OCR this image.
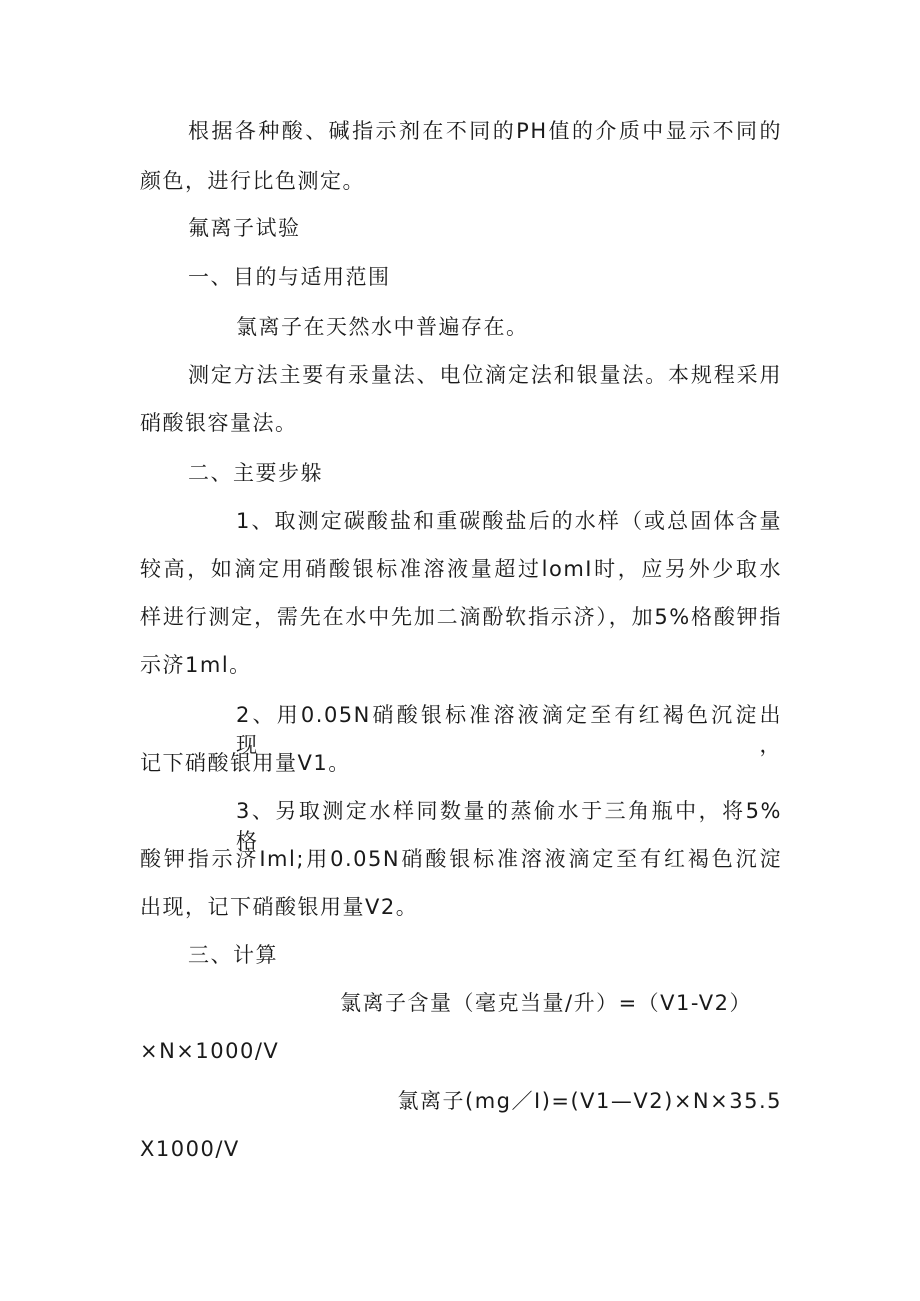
根据各种酸、碱指示剂在不同的PH值的介质中显示不同的
颜色，进行比色测定。
氟离子试验
一、目的与适用范围
氯离子在天然水中普遍存在。
测定方法主要有汞量法、电位滴定法和银量法。本规程采用
硝酸银容量法。
二、主要步躲
1、取测定碳酸盐和重碳酸盐后的水样（或总固体含量
较高，如滴定用硝酸银标准溶液量超过lomI时，应另外少取水
样进行测定，需先在水中先加二滴酚软指示济），加5%格酸钾指
示济1ml。
2、用0.05N硝酸银标准溶液滴定至有红褐色沉淀出现，
记下硝酸银用量V1。
3、另取测定水样同数量的蒸偷水于三角瓶中，将5%格
酸钾指示济Iml;用0.05N硝酸银标准溶液滴定至有红褐色沉淀
出现，记下硝酸银用量V2。
三、计算
氯离子含量（毫克当量/升）=（V1-V2）
×N×1000/V
氯离子(mg／I)=(V1—V2)×N×35.5
X1000/V
